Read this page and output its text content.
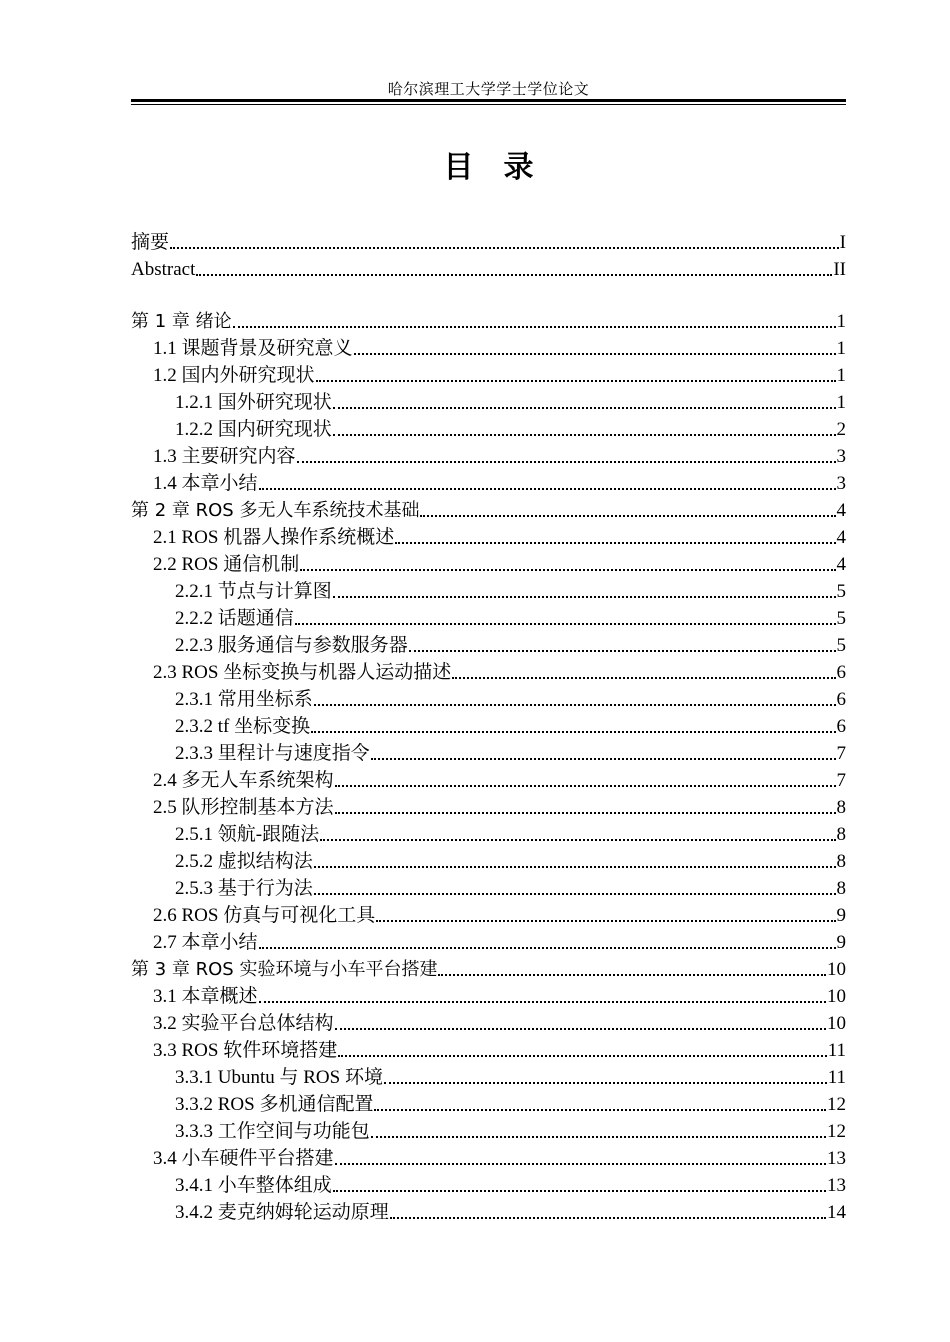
哈尔滨理工大学学士学位论文
目录
摘要	I
Abstract	II
第 1 章 绪论	1
1.1 课题背景及研究意义	1
1.2 国内外研究现状	1
1.2.1 国外研究现状	1
1.2.2 国内研究现状	2
1.3 主要研究内容	3
1.4 本章小结	3
第 2 章 ROS 多无人车系统技术基础	4
2.1 ROS 机器人操作系统概述	4
2.2 ROS 通信机制	4
2.2.1 节点与计算图	5
2.2.2 话题通信	5
2.2.3 服务通信与参数服务器	5
2.3 ROS 坐标变换与机器人运动描述	6
2.3.1 常用坐标系	6
2.3.2 tf 坐标变换	6
2.3.3 里程计与速度指令	7
2.4 多无人车系统架构	7
2.5 队形控制基本方法	8
2.5.1 领航-跟随法	8
2.5.2 虚拟结构法	8
2.5.3 基于行为法	8
2.6 ROS 仿真与可视化工具	9
2.7 本章小结	9
第 3 章 ROS 实验环境与小车平台搭建	10
3.1 本章概述	10
3.2 实验平台总体结构	10
3.3 ROS 软件环境搭建	11
3.3.1 Ubuntu 与 ROS 环境	11
3.3.2 ROS 多机通信配置	12
3.3.3 工作空间与功能包	12
3.4 小车硬件平台搭建	13
3.4.1 小车整体组成	13
3.4.2 麦克纳姆轮运动原理	14
